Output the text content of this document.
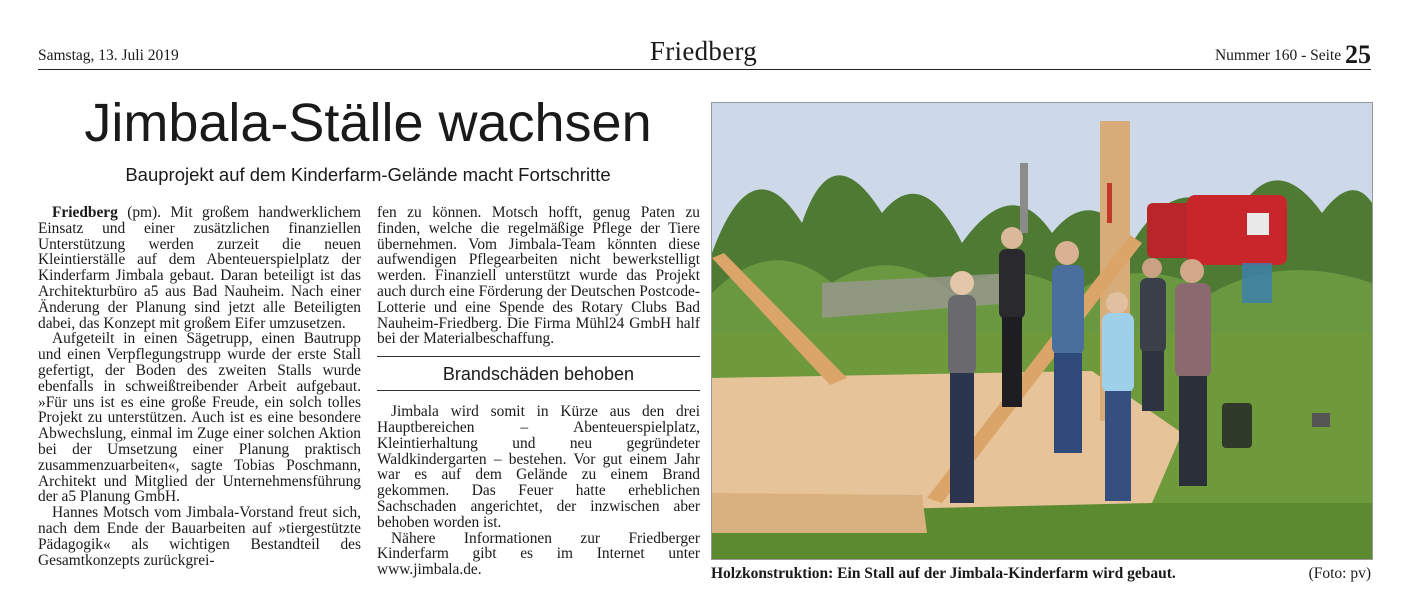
Samstag, 13. Juli 2019	Friedberg	Nummer 160 - Seite 25
Jimbala-Ställe wachsen
Bauprojekt auf dem Kinderfarm-Gelände macht Fortschritte

Friedberg (pm). Mit großem handwerklichem Einsatz und einer zusätzlichen finanziellen Unterstützung werden zurzeit die neuen Kleintierställe auf dem Abenteuerspielplatz der Kinderfarm Jimbala gebaut. Daran beteiligt ist das Architekturbüro a5 aus Bad Nauheim. Nach einer Änderung der Planung sind jetzt alle Beteiligten dabei, das Konzept mit großem Eifer umzusetzen.

Aufgeteilt in einen Sägetrupp, einen Bautrupp und einen Verpflegungstrupp wurde der erste Stall gefertigt, der Boden des zweiten Stalls wurde ebenfalls in schweißtreibender Arbeit aufgebaut. »Für uns ist es eine große Freude, ein solch tolles Projekt zu unterstützen. Auch ist es eine besondere Abwechslung, einmal im Zuge einer solchen Aktion bei der Umsetzung einer Planung praktisch zusammenzuarbeiten«, sagte Tobias Poschmann, Architekt und Mitglied der Unternehmensführung der a5 Planung GmbH.

Hannes Motsch vom Jimbala-Vorstand freut sich, nach dem Ende der Bauarbeiten auf »tiergestützte Pädagogik« als wichtigen Bestandteil des Gesamtkonzepts zurückgrei-

fen zu können. Motsch hofft, genug Paten zu finden, welche die regelmäßige Pflege der Tiere übernehmen. Vom Jimbala-Team könnten diese aufwendigen Pflegearbeiten nicht bewerkstelligt werden. Finanziell unterstützt wurde das Projekt auch durch eine Förderung der Deutschen Postcode-Lotterie und eine Spende des Rotary Clubs Bad Nauheim-Friedberg. Die Firma Mühl24 GmbH half bei der Materialbeschaffung.

Brandschäden behoben

Jimbala wird somit in Kürze aus den drei Hauptbereichen – Abenteuerspielplatz, Kleintierhaltung und neu gegründeter Waldkindergarten – bestehen. Vor gut einem Jahr war es auf dem Gelände zu einem Brand gekommen. Das Feuer hatte erheblichen Sachschaden angerichtet, der inzwischen aber behoben worden ist.

Nähere Informationen zur Friedberger Kinderfarm gibt es im Internet unter www.jimbala.de.	Holzkonstruktion: Ein Stall auf der Jimbala-Kinderfarm wird gebaut.	(Foto: pv)
